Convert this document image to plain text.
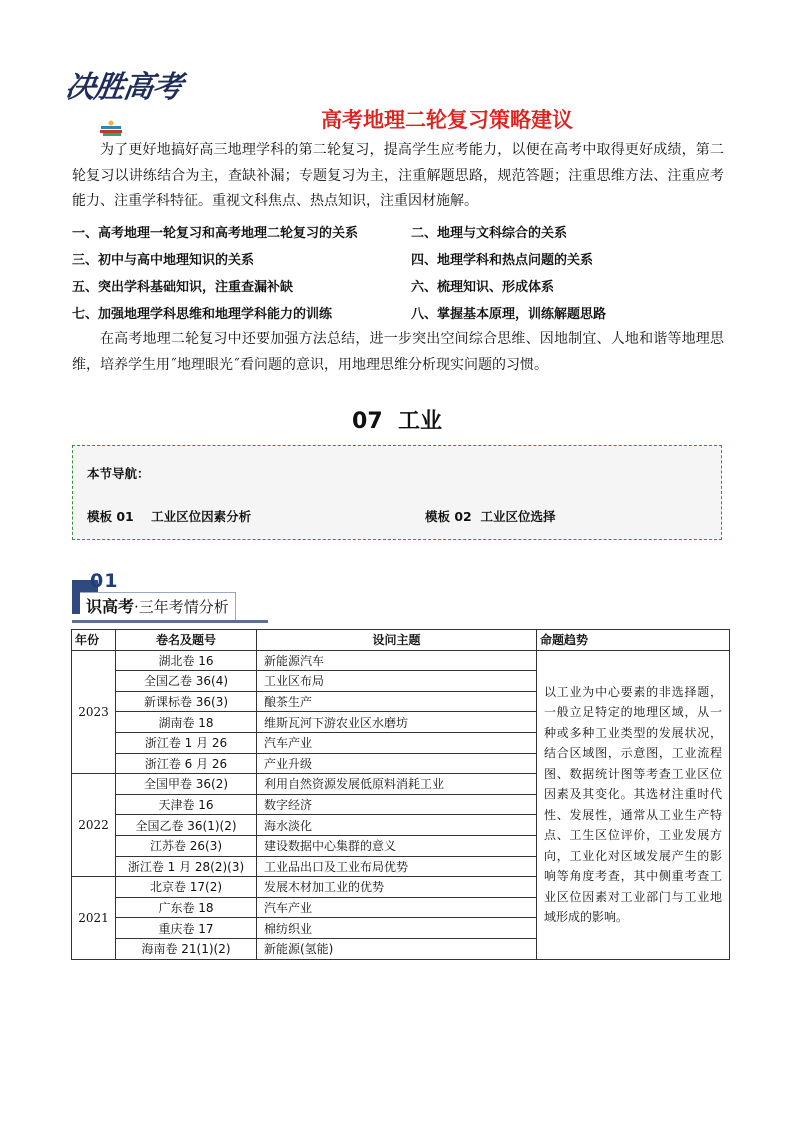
决胜高考
高考地理二轮复习策略建议
为了更好地搞好高三地理学科的第二轮复习，提高学生应考能力，以便在高考中取得更好成绩，第二轮复习以讲练结合为主，查缺补漏；专题复习为主，注重解题思路，规范答题；注重思维方法、注重应考能力、注重学科特征。重视文科焦点、热点知识，注重因材施解。
一、高考地理一轮复习和高考地理二轮复习的关系	二、地理与文科综合的关系
三、初中与高中地理知识的关系	四、地理学科和热点问题的关系
五、突出学科基础知识，注重查漏补缺	六、梳理知识、形成体系
七、加强地理学科思维和地理学科能力的训练	八、掌握基本原理，训练解题思路
在高考地理二轮复习中还要加强方法总结，进一步突出空间综合思维、因地制宜、人地和谐等地理思维，培养学生用˝地理眼光˝看问题的意识，用地理思维分析现实问题的习惯。
07 工业
本节导航：
模板 01    工业区位因素分析	模板 02  工业区位选择
01
识高考·三年考情分析
年份	卷名及题号	设问主题	命题趋势
2023	湖北卷 16	新能源汽车	以工业为中心要素的非选择题，一般立足特定的地理区域，从一种或多种工业类型的发展状况，结合区域图，示意图，工业流程图、数据统计图等考查工业区位因素及其变化。其选材注重时代性、发展性，通常从工业生产特点、工生区位评价，工业发展方向，工业化对区域发展产生的影响等角度考查，其中侧重考查工业区位因素对工业部门与工业地域形成的影响。
	全国乙卷 36(4)	工业区布局	
	新课标卷 36(3)	酿茶生产	
	湖南卷 18	维斯瓦河下游农业区水磨坊	
	浙江卷 1 月 26	汽车产业	
	浙江卷 6 月 26	产业升级	
2022	全国甲卷 36(2)	利用自然资源发展低原料消耗工业	
	天津卷 16	数字经济	
	全国乙卷 36(1)(2)	海水淡化	
	江苏卷 26(3)	建设数据中心集群的意义	
	浙江卷 1 月 28(2)(3)	工业品出口及工业布局优势	
2021	北京卷 17(2)	发展木材加工业的优势	
	广东卷 18	汽车产业	
	重庆卷 17	棉纺织业	
	海南卷 21(1)(2)	新能源(氢能)	
